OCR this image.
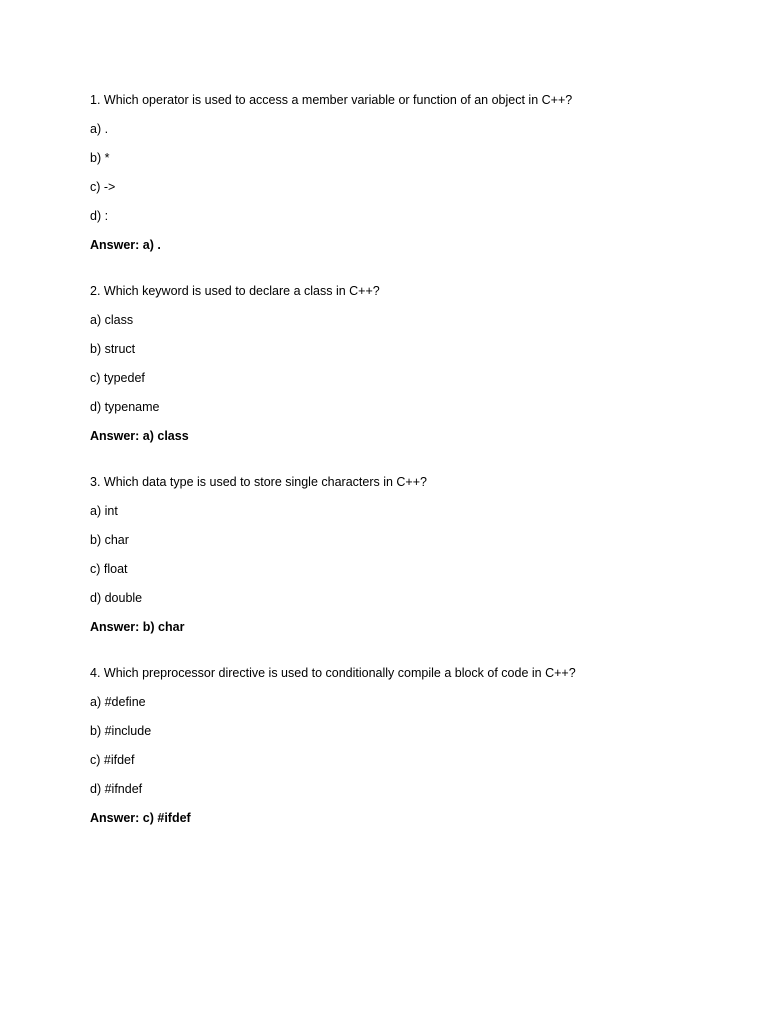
1. Which operator is used to access a member variable or function of an object in C++?
a) .
b) *
c) ->
d) :
Answer: a) .
2. Which keyword is used to declare a class in C++?
a) class
b) struct
c) typedef
d) typename
Answer: a) class
3. Which data type is used to store single characters in C++?
a) int
b) char
c) float
d) double
Answer: b) char
4. Which preprocessor directive is used to conditionally compile a block of code in C++?
a) #define
b) #include
c) #ifdef
d) #ifndef
Answer: c) #ifdef
